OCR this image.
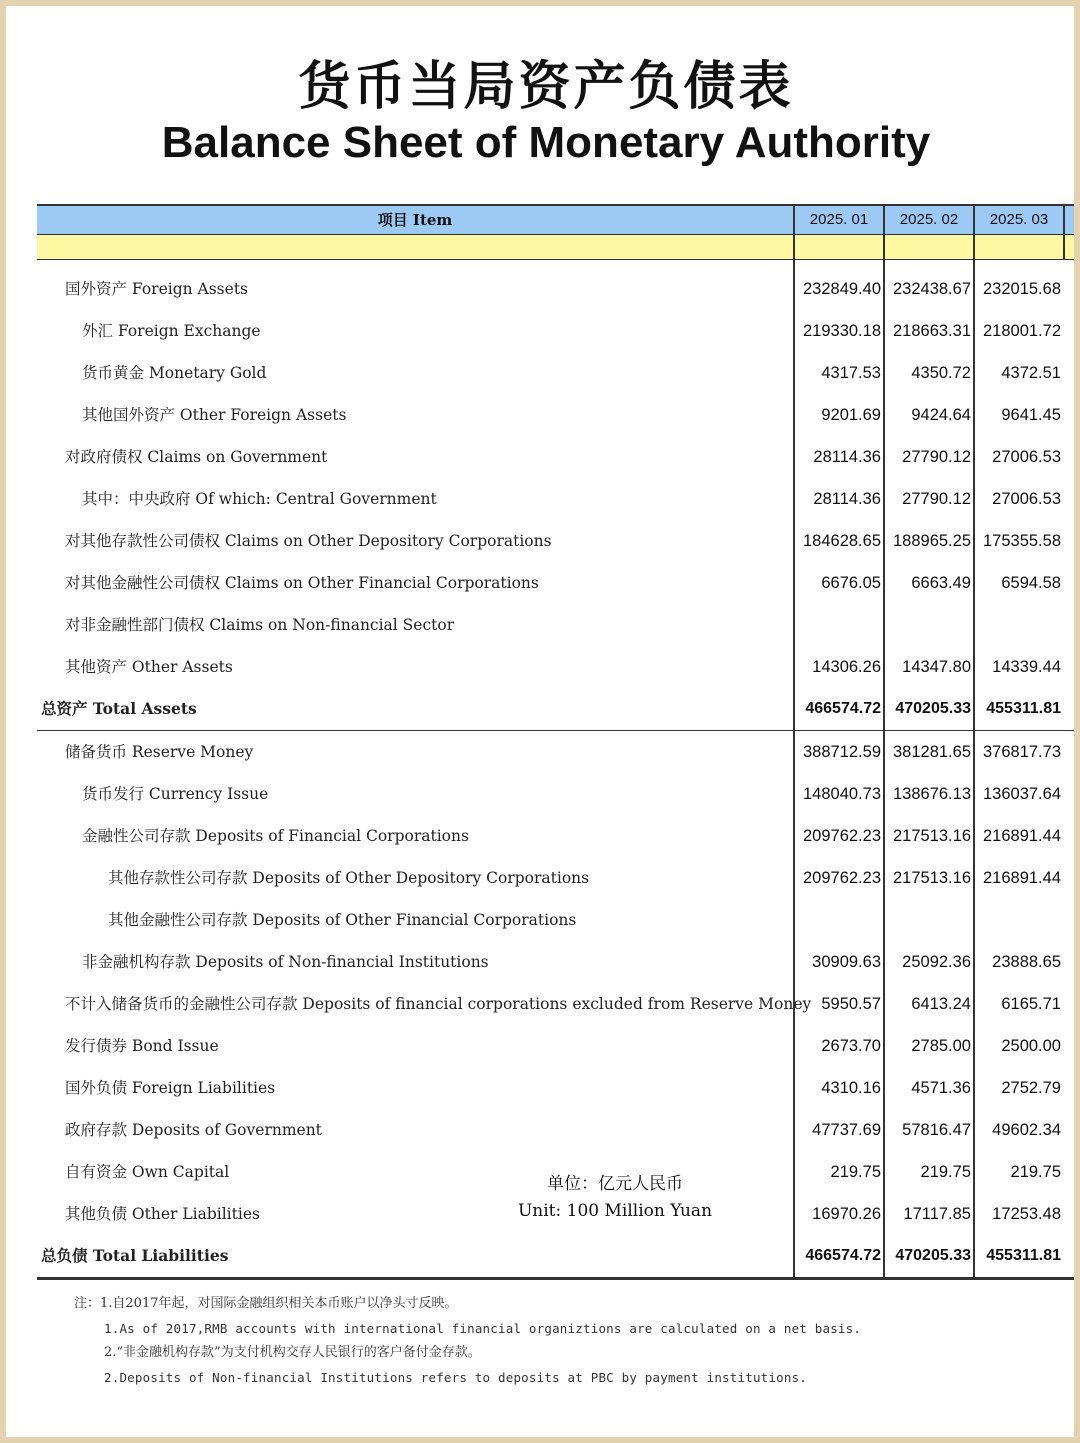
货币当局资产负债表
Balance Sheet of Monetary Authority
项目 Item	2025. 01	2025. 02	2025. 03
国外资产 Foreign Assets	232849.40 232438.67 232015.68
外汇 Foreign Exchange	219330.18 218663.31 218001.72
货币黄金 Monetary Gold	4317.53	4350.72	4372.51
其他国外资产 Other Foreign Assets	9201.69	9424.64	9641.45
对政府债权 Claims on Government	28114.36	27790.12	27006.53
其中：中央政府 Of which: Central Government	28114.36	27790.12	27006.53
对其他存款性公司债权 Claims on Other Depository Corporations	184628.65 188965.25 175355.58
对其他金融性公司债权 Claims on Other Financial Corporations	6676.05	6663.49	6594.58
对非金融性部门债权 Claims on Non-financial Sector
其他资产 Other Assets	14306.26	14347.80	14339.44
总资产 Total Assets	466574.72 470205.33 455311.81
储备货币 Reserve Money	388712.59 381281.65 376817.73
货币发行 Currency Issue	148040.73 138676.13 136037.64
金融性公司存款 Deposits of Financial Corporations	209762.23 217513.16 216891.44
其他存款性公司存款 Deposits of Other Depository Corporations	209762.23 217513.16 216891.44
其他金融性公司存款 Deposits of Other Financial Corporations
非金融机构存款 Deposits of Non-financial Institutions	30909.63	25092.36	23888.65
不计入储备货币的金融性公司存款 Deposits of financial corporations excluded from Reserve Money 5950.57	6413.24	6165.71
发行债券 Bond Issue	2673.70	2785.00	2500.00
国外负债 Foreign Liabilities	4310.16	4571.36	2752.79
政府存款 Deposits of Government	47737.69	57816.47	49602.34
自有资金 Own Capital	219.75	219.75	219.75
其他负债 Other Liabilities	16970.26	17117.85	17253.48
总负债 Total Liabilities	466574.72 470205.33 455311.81
单位：亿元人民币
Unit: 100 Million Yuan
注：1.自2017年起，对国际金融组织相关本币账户以净头寸反映。
1.As of 2017,RMB accounts with international financial organiztions are calculated on a net basis.
2.“非金融机构存款”为支付机构交存人民银行的客户备付金存款。
2.Deposits of Non-financial Institutions refers to deposits at PBC by payment institutions.
